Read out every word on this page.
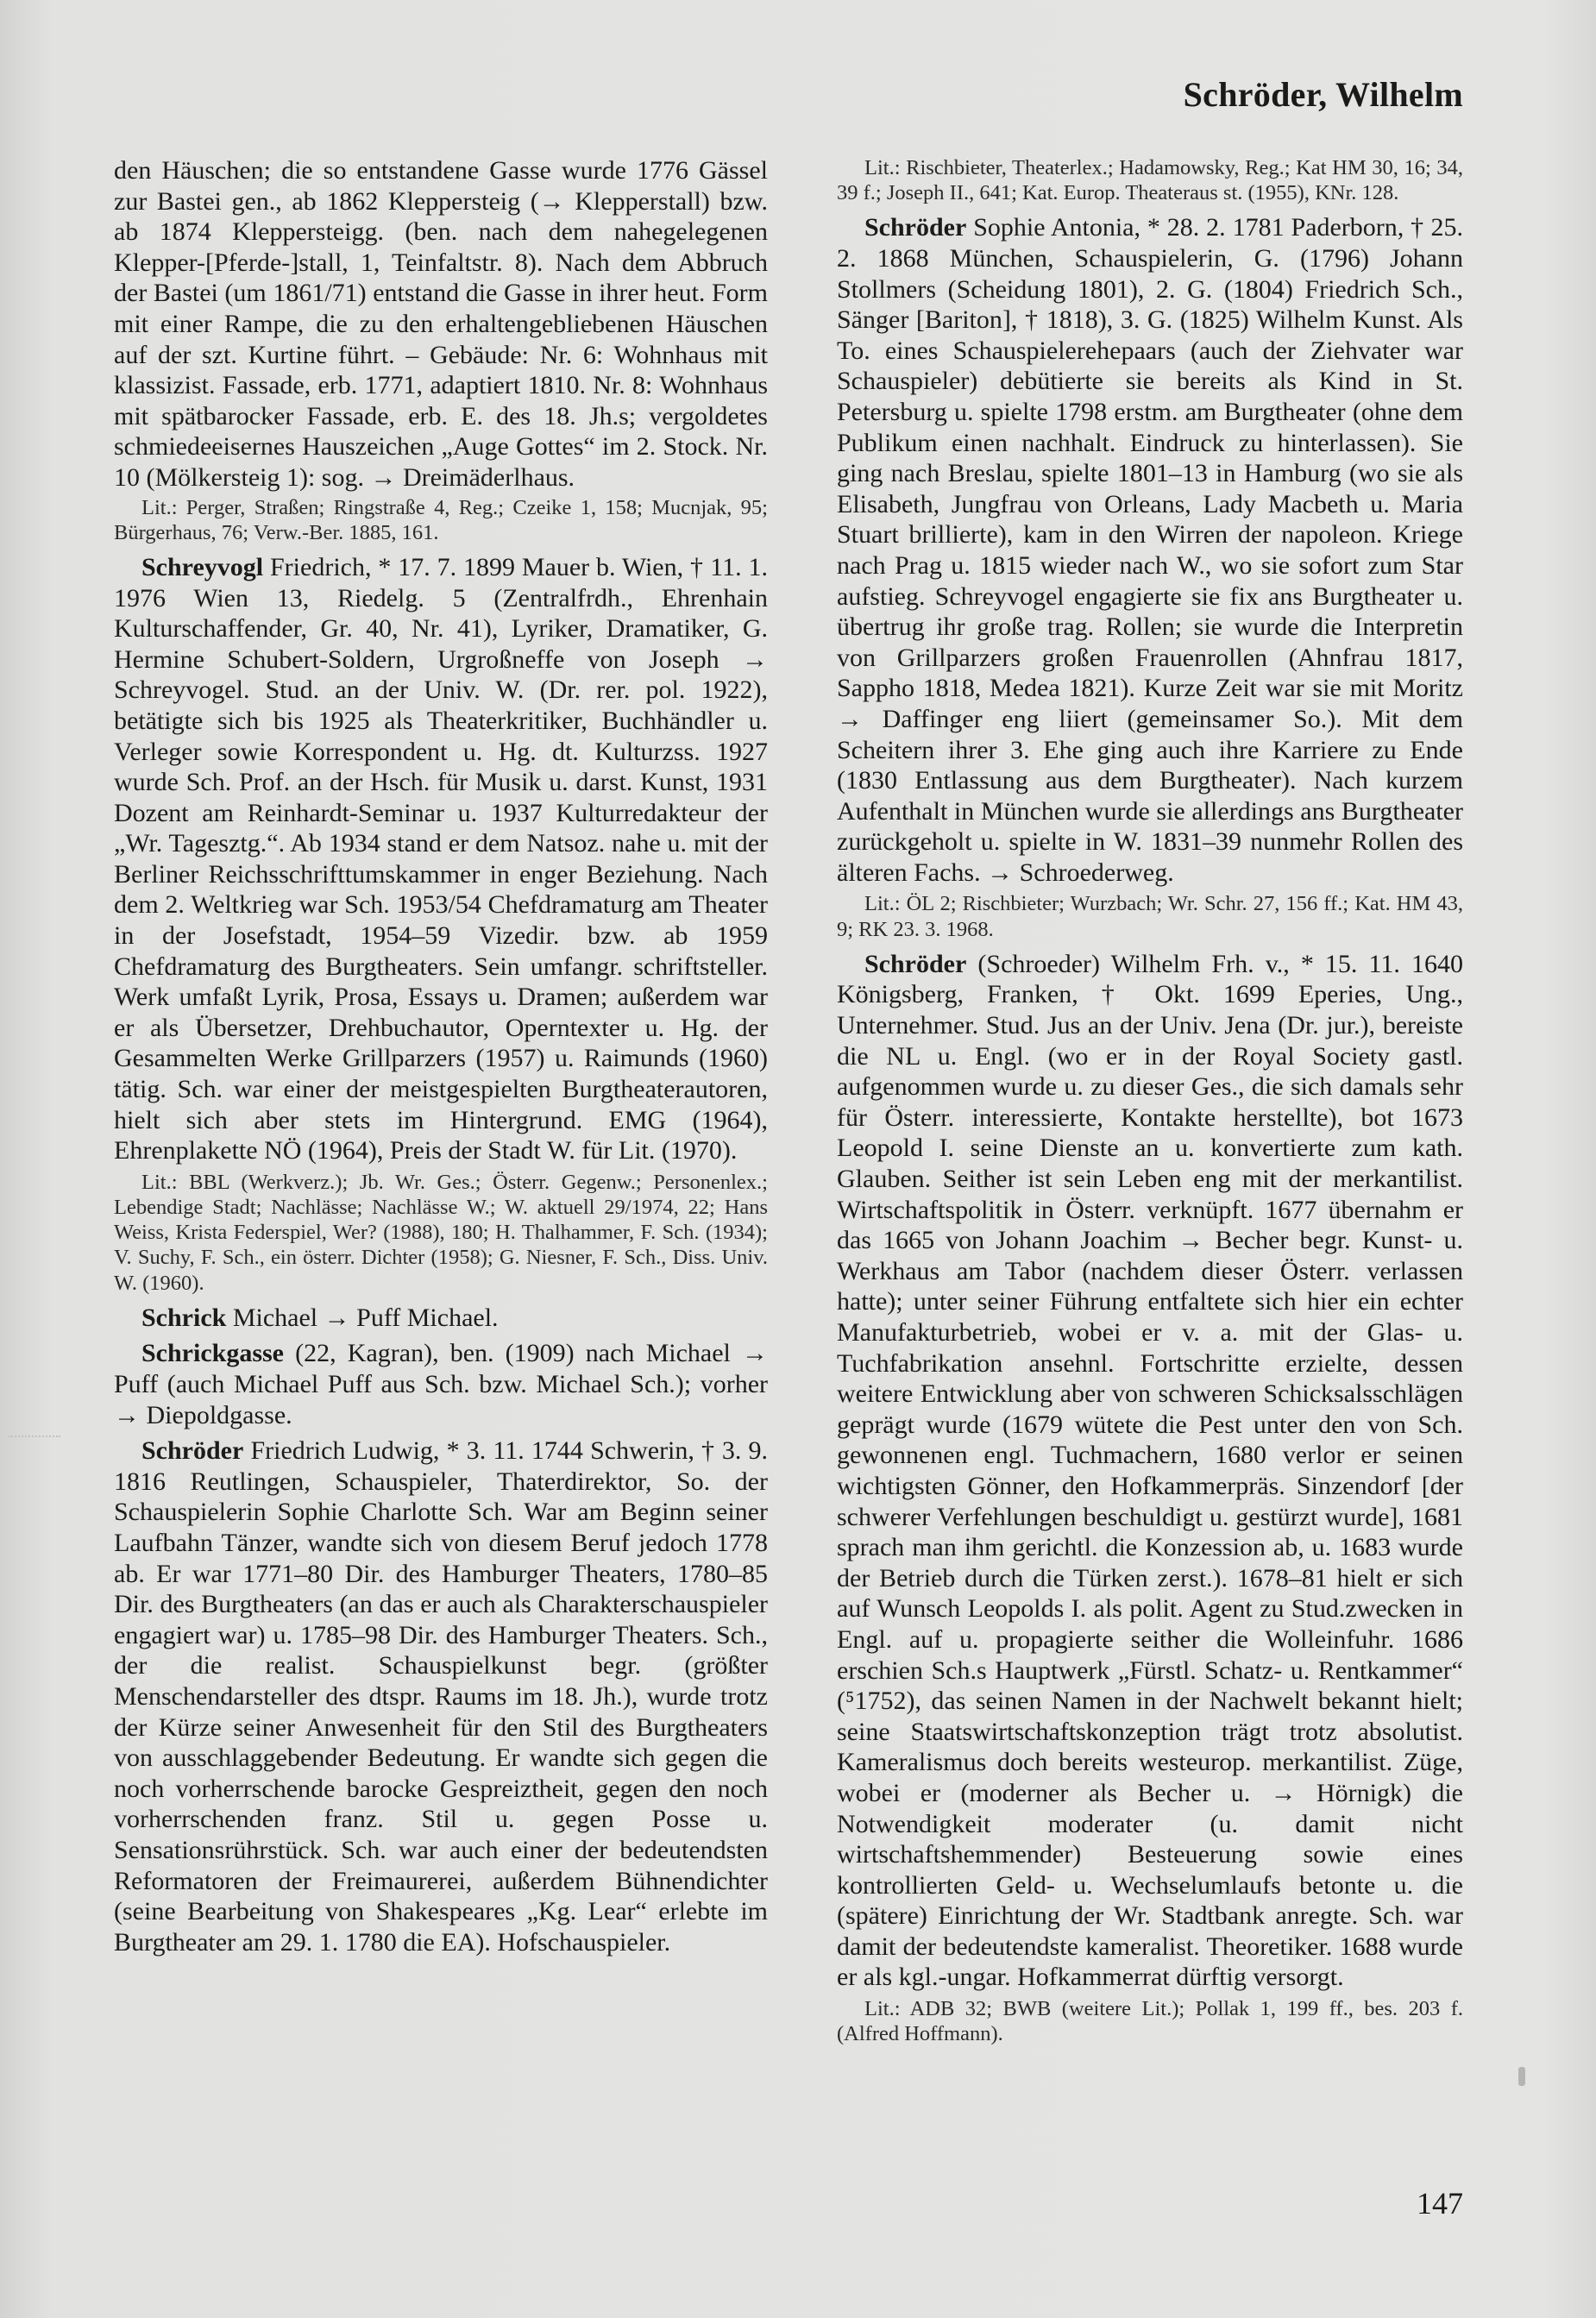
Schröder, Wilhelm

den Häuschen; die so entstandene Gasse wurde 1776 Gässel zur Bastei gen., ab 1862 Kleppersteig (→ Klepperstall) bzw. ab 1874 Kleppersteigg. (ben. nach dem nahegelegenen Klepper-[Pferde-]stall, 1, Teinfaltstr. 8). Nach dem Abbruch der Bastei (um 1861/71) entstand die Gasse in ihrer heut. Form mit einer Rampe, die zu den erhaltengebliebenen Häuschen auf der szt. Kurtine führt. – Gebäude: Nr. 6: Wohnhaus mit klassizist. Fassade, erb. 1771, adaptiert 1810. Nr. 8: Wohnhaus mit spätbarocker Fassade, erb. E. des 18. Jh.s; vergoldetes schmiedeeisernes Hauszeichen „Auge Gottes“ im 2. Stock. Nr. 10 (Mölkersteig 1): sog. → Dreimäderlhaus.

Lit.: Perger, Straßen; Ringstraße 4, Reg.; Czeike 1, 158; Mucnjak, 95; Bürgerhaus, 76; Verw.-Ber. 1885, 161.

Schreyvogl Friedrich, * 17. 7. 1899 Mauer b. Wien, † 11. 1. 1976 Wien 13, Riedelg. 5 (Zentralfrdh., Ehrenhain Kulturschaffender, Gr. 40, Nr. 41), Lyriker, Dramatiker, G. Hermine Schubert-Soldern, Urgroßneffe von Joseph → Schreyvogel. Stud. an der Univ. W. (Dr. rer. pol. 1922), betätigte sich bis 1925 als Theaterkritiker, Buchhändler u. Verleger sowie Korrespondent u. Hg. dt. Kulturzss. 1927 wurde Sch. Prof. an der Hsch. für Musik u. darst. Kunst, 1931 Dozent am Reinhardt-Seminar u. 1937 Kulturredakteur der „Wr. Tagesztg.“. Ab 1934 stand er dem Natsoz. nahe u. mit der Berliner Reichsschrifttumskammer in enger Beziehung. Nach dem 2. Weltkrieg war Sch. 1953/54 Chefdramaturg am Theater in der Josefstadt, 1954–59 Vizedir. bzw. ab 1959 Chefdramaturg des Burgtheaters. Sein umfangr. schriftsteller. Werk umfaßt Lyrik, Prosa, Essays u. Dramen; außerdem war er als Übersetzer, Drehbuchautor, Operntexter u. Hg. der Gesammelten Werke Grillparzers (1957) u. Raimunds (1960) tätig. Sch. war einer der meistgespielten Burgtheaterautoren, hielt sich aber stets im Hintergrund. EMG (1964), Ehrenplakette NÖ (1964), Preis der Stadt W. für Lit. (1970).

Lit.: BBL (Werkverz.); Jb. Wr. Ges.; Österr. Gegenw.; Personenlex.; Lebendige Stadt; Nachlässe; Nachlässe W.; W. aktuell 29/1974, 22; Hans Weiss, Krista Federspiel, Wer? (1988), 180; H. Thalhammer, F. Sch. (1934); V. Suchy, F. Sch., ein österr. Dichter (1958); G. Niesner, F. Sch., Diss. Univ. W. (1960).

Schrick Michael → Puff Michael.

Schrickgasse (22, Kagran), ben. (1909) nach Michael → Puff (auch Michael Puff aus Sch. bzw. Michael Sch.); vorher → Diepoldgasse.

Schröder Friedrich Ludwig, * 3. 11. 1744 Schwerin, † 3. 9. 1816 Reutlingen, Schauspieler, Thaterdirektor, So. der Schauspielerin Sophie Charlotte Sch. War am Beginn seiner Laufbahn Tänzer, wandte sich von diesem Beruf jedoch 1778 ab. Er war 1771–80 Dir. des Hamburger Theaters, 1780–85 Dir. des Burgtheaters (an das er auch als Charakterschauspieler engagiert war) u. 1785–98 Dir. des Hamburger Theaters. Sch., der die realist. Schauspielkunst begr. (größter Menschendarsteller des dtspr. Raums im 18. Jh.), wurde trotz der Kürze seiner Anwesenheit für den Stil des Burgtheaters von ausschlaggebender Bedeutung. Er wandte sich gegen die noch vorherrschende barocke Gespreiztheit, gegen den noch vorherrschenden franz. Stil u. gegen Posse u. Sensationsrührstück. Sch. war auch einer der bedeutendsten Reformatoren der Freimaurerei, außerdem Bühnendichter (seine Bearbeitung von Shakespeares „Kg. Lear“ erlebte im Burgtheater am 29. 1. 1780 die EA). Hofschauspieler.

Lit.: Rischbieter, Theaterlex.; Hadamowsky, Reg.; Kat HM 30, 16; 34, 39 f.; Joseph II., 641; Kat. Europ. Theateraus st. (1955), KNr. 128.

Schröder Sophie Antonia, * 28. 2. 1781 Paderborn, † 25. 2. 1868 München, Schauspielerin, G. (1796) Johann Stollmers (Scheidung 1801), 2. G. (1804) Friedrich Sch., Sänger [Bariton], † 1818), 3. G. (1825) Wilhelm Kunst. Als To. eines Schauspielerehepaars (auch der Ziehvater war Schauspieler) debütierte sie bereits als Kind in St. Petersburg u. spielte 1798 erstm. am Burgtheater (ohne dem Publikum einen nachhalt. Eindruck zu hinterlassen). Sie ging nach Breslau, spielte 1801–13 in Hamburg (wo sie als Elisabeth, Jungfrau von Orleans, Lady Macbeth u. Maria Stuart brillierte), kam in den Wirren der napoleon. Kriege nach Prag u. 1815 wieder nach W., wo sie sofort zum Star aufstieg. Schreyvogel engagierte sie fix ans Burgtheater u. übertrug ihr große trag. Rollen; sie wurde die Interpretin von Grillparzers großen Frauenrollen (Ahnfrau 1817, Sappho 1818, Medea 1821). Kurze Zeit war sie mit Moritz → Daffinger eng liiert (gemeinsamer So.). Mit dem Scheitern ihrer 3. Ehe ging auch ihre Karriere zu Ende (1830 Entlassung aus dem Burgtheater). Nach kurzem Aufenthalt in München wurde sie allerdings ans Burgtheater zurückgeholt u. spielte in W. 1831–39 nunmehr Rollen des älteren Fachs. → Schroederweg.

Lit.: ÖL 2; Rischbieter; Wurzbach; Wr. Schr. 27, 156 ff.; Kat. HM 43, 9; RK 23. 3. 1968.

Schröder (Schroeder) Wilhelm Frh. v., * 15. 11. 1640 Königsberg, Franken, † Okt. 1699 Eperies, Ung., Unternehmer. Stud. Jus an der Univ. Jena (Dr. jur.), bereiste die NL u. Engl. (wo er in der Royal Society gastl. aufgenommen wurde u. zu dieser Ges., die sich damals sehr für Österr. interessierte, Kontakte herstellte), bot 1673 Leopold I. seine Dienste an u. konvertierte zum kath. Glauben. Seither ist sein Leben eng mit der merkantilist. Wirtschaftspolitik in Österr. verknüpft. 1677 übernahm er das 1665 von Johann Joachim → Becher begr. Kunst- u. Werkhaus am Tabor (nachdem dieser Österr. verlassen hatte); unter seiner Führung entfaltete sich hier ein echter Manufakturbetrieb, wobei er v. a. mit der Glas- u. Tuchfabrikation ansehnl. Fortschritte erzielte, dessen weitere Entwicklung aber von schweren Schicksalsschlägen geprägt wurde (1679 wütete die Pest unter den von Sch. gewonnenen engl. Tuchmachern, 1680 verlor er seinen wichtigsten Gönner, den Hofkammerpräs. Sinzendorf [der schwerer Verfehlungen beschuldigt u. gestürzt wurde], 1681 sprach man ihm gerichtl. die Konzession ab, u. 1683 wurde der Betrieb durch die Türken zerst.). 1678–81 hielt er sich auf Wunsch Leopolds I. als polit. Agent zu Stud.zwecken in Engl. auf u. propagierte seither die Wolleinfuhr. 1686 erschien Sch.s Hauptwerk „Fürstl. Schatz- u. Rentkammer“ (⁵1752), das seinen Namen in der Nachwelt bekannt hielt; seine Staatswirtschaftskonzeption trägt trotz absolutist. Kameralismus doch bereits westeurop. merkantilist. Züge, wobei er (moderner als Becher u. → Hörnigk) die Notwendigkeit moderater (u. damit nicht wirtschaftshemmender) Besteuerung sowie eines kontrollierten Geld- u. Wechselumlaufs betonte u. die (spätere) Einrichtung der Wr. Stadtbank anregte. Sch. war damit der bedeutendste kameralist. Theoretiker. 1688 wurde er als kgl.-ungar. Hofkammerrat dürftig versorgt.

Lit.: ADB 32; BWB (weitere Lit.); Pollak 1, 199 ff., bes. 203 f. (Alfred Hoffmann).

147
